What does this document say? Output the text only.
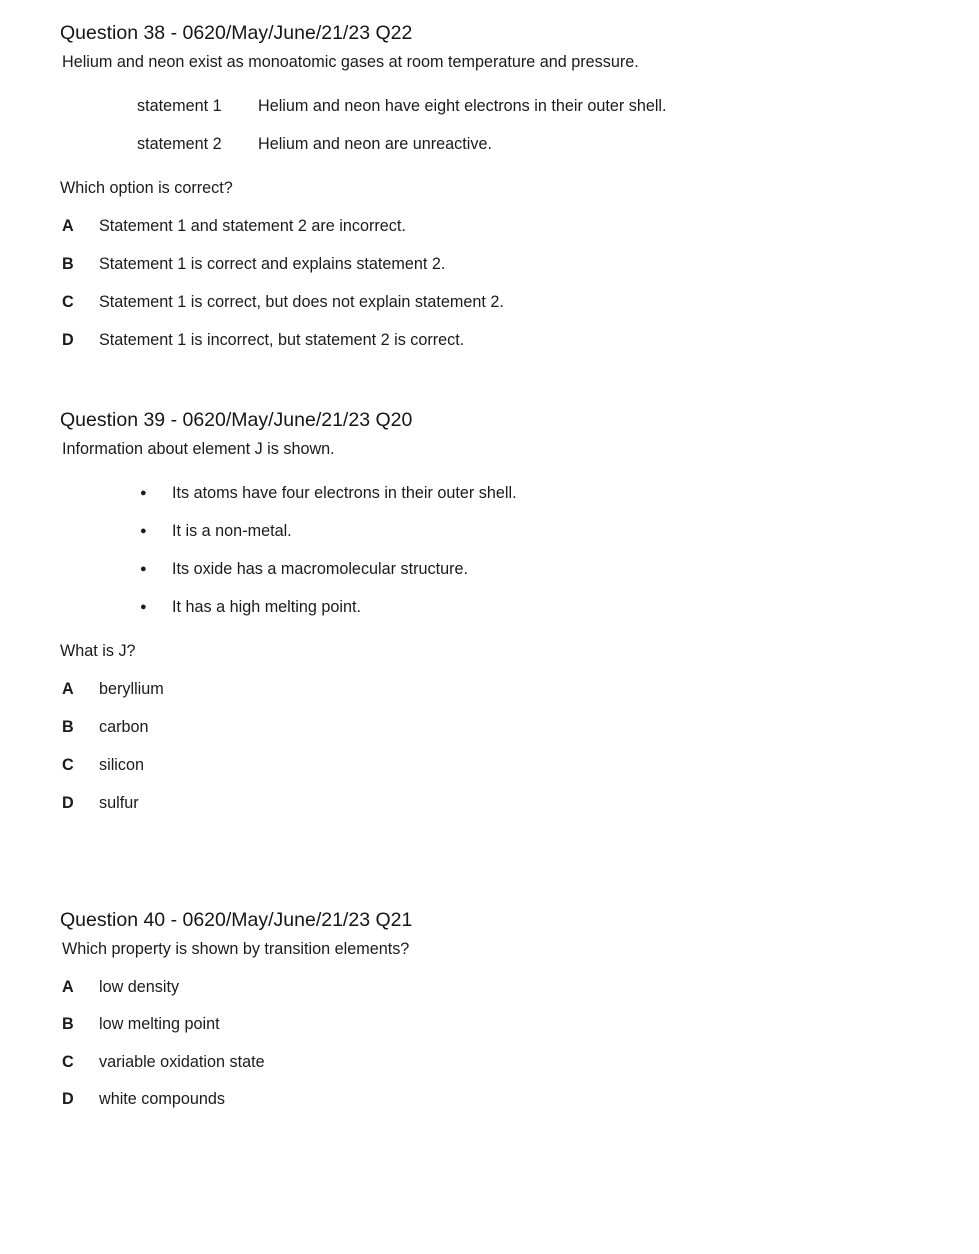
Question 38 - 0620/May/June/21/23 Q22
Helium and neon exist as monoatomic gases at room temperature and pressure.
statement 1	Helium and neon have eight electrons in their outer shell.
statement 2	Helium and neon are unreactive.
Which option is correct?
A	Statement 1 and statement 2 are incorrect.
B	Statement 1 is correct and explains statement 2.
C	Statement 1 is correct, but does not explain statement 2.
D	Statement 1 is incorrect, but statement 2 is correct.
Question 39 - 0620/May/June/21/23 Q20
Information about element J is shown.
●	Its atoms have four electrons in their outer shell.
●	It is a non-metal.
●	Its oxide has a macromolecular structure.
●	It has a high melting point.
What is J?
A	beryllium
B	carbon
C	silicon
D	sulfur
Question 40 - 0620/May/June/21/23 Q21
Which property is shown by transition elements?
A	low density
B	low melting point
C	variable oxidation state
D	white compounds
